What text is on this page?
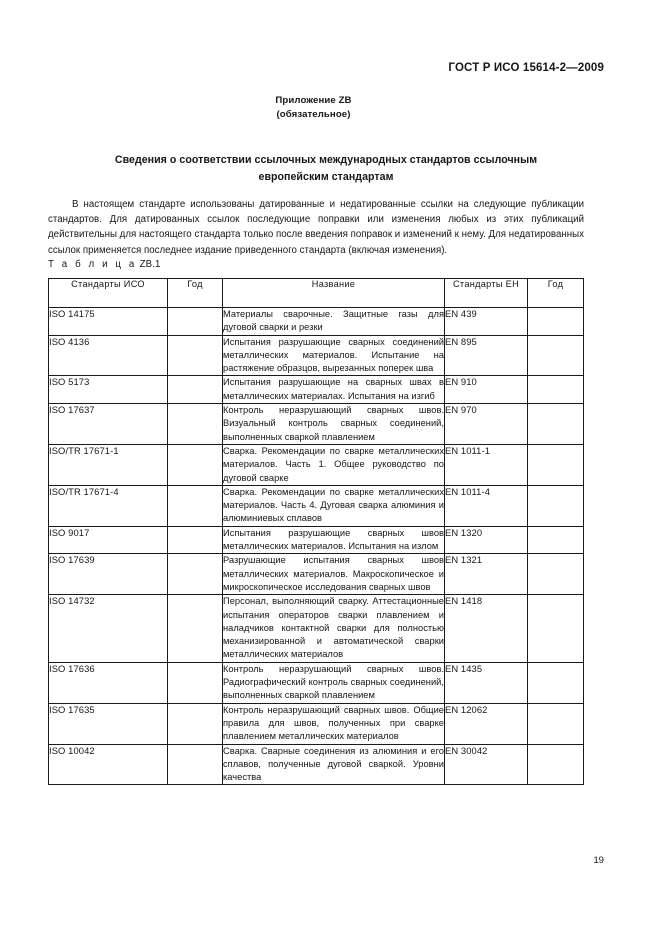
ГОСТ Р ИСО 15614-2—2009
Приложение ZB
(обязательное)
Сведения о соответствии ссылочных международных стандартов ссылочным
европейским стандартам
В настоящем стандарте использованы датированные и недатированные ссылки на следующие публикации стандартов. Для датированных ссылок последующие поправки или изменения любых из этих публикаций действительны для настоящего стандарта только после введения поправок и изменений к нему. Для недатированных ссылок применяется последнее издание приведенного стандарта (включая изменения).
Т а б л и ц а ZB.1
Стандарты ИСО	Год	Название	Стандарты ЕН	Год
ISO 14175		Материалы сварочные. Защитные газы для дуговой сварки и резки	EN 439	
ISO 4136		Испытания разрушающие сварных соединений металлических материалов. Испытание на растяжение образцов, вырезанных поперек шва	EN 895	
ISO 5173		Испытания разрушающие на сварных швах в металлических материалах. Испытания на изгиб	EN 910	
ISO 17637		Контроль неразрушающий сварных швов. Визуальный контроль сварных соединений, выполненных сваркой плавлением	EN 970	
ISO/TR 17671-1		Сварка. Рекомендации по сварке металлических материалов. Часть 1. Общее руководство по дуговой сварке	EN 1011-1	
ISO/TR 17671-4		Сварка. Рекомендации по сварке металлических материалов. Часть 4. Дуговая сварка алюминия и алюминиевых сплавов	EN 1011-4	
ISO 9017		Испытания разрушающие сварных швов металлических материалов. Испытания на излом	EN 1320	
ISO 17639		Разрушающие испытания сварных швов металлических материалов. Макроскопическое и микроскопическое исследования сварных швов	EN 1321	
ISO 14732		Персонал, выполняющий сварку. Аттестационные испытания операторов сварки плавлением и наладчиков контактной сварки для полностью механизированной и автоматической сварки металлических материалов	EN 1418	
ISO 17636		Контроль неразрушающий сварных швов. Радиографический контроль сварных соединений, выполненных сваркой плавлением	EN 1435	
ISO 17635		Контроль неразрушающий сварных швов. Общие правила для швов, полученных при сварке плавлением металлических материалов	EN 12062	
ISO 10042		Сварка. Сварные соединения из алюминия и его сплавов, полученные дуговой сваркой. Уровни качества	EN 30042	
19
